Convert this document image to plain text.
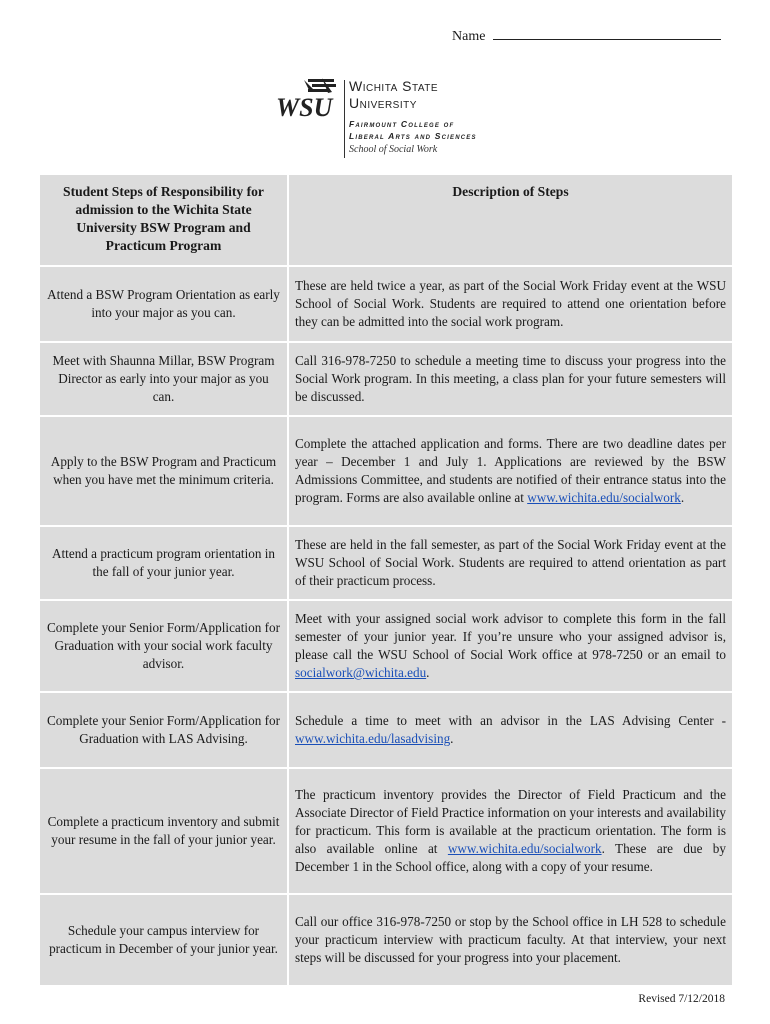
Name
WSU
Wichita State
University
Fairmount College of
Liberal Arts and Sciences
School of Social Work
Student Steps of Responsibility for admission to the Wichita State University BSW Program and Practicum Program	Description of Steps
Attend a BSW Program Orientation as early into your major as you can.	These are held twice a year, as part of the Social Work Friday event at the WSU School of Social Work. Students are required to attend one orientation before they can be admitted into the social work program.
Meet with Shaunna Millar, BSW Program Director as early into your major as you can.	Call 316-978-7250 to schedule a meeting time to discuss your progress into the Social Work program. In this meeting, a class plan for your future semesters will be discussed.
Apply to the BSW Program and Practicum when you have met the minimum criteria.	Complete the attached application and forms. There are two deadline dates per year – December 1 and July 1. Applications are reviewed by the BSW Admissions Committee, and students are notified of their entrance status into the program. Forms are also available online at www.wichita.edu/socialwork.
Attend a practicum program orientation in the fall of your junior year.	These are held in the fall semester, as part of the Social Work Friday event at the WSU School of Social Work. Students are required to attend orientation as part of their practicum process.
Complete your Senior Form/Application for Graduation with your social work faculty advisor.	Meet with your assigned social work advisor to complete this form in the fall semester of your junior year. If you’re unsure who your assigned advisor is, please call the WSU School of Social Work office at 978-7250 or an email to socialwork@wichita.edu.
Complete your Senior Form/Application for Graduation with LAS Advising.	Schedule a time to meet with an advisor in the LAS Advising Center - www.wichita.edu/lasadvising.
Complete a practicum inventory and submit your resume in the fall of your junior year.	The practicum inventory provides the Director of Field Practicum and the Associate Director of Field Practice information on your interests and availability for practicum. This form is available at the practicum orientation. The form is also available online at www.wichita.edu/socialwork. These are due by December 1 in the School office, along with a copy of your resume.
Schedule your campus interview for practicum in December of your junior year.	Call our office 316-978-7250 or stop by the School office in LH 528 to schedule your practicum interview with practicum faculty. At that interview, your next steps will be discussed for your progress into your placement.
Revised 7/12/2018
